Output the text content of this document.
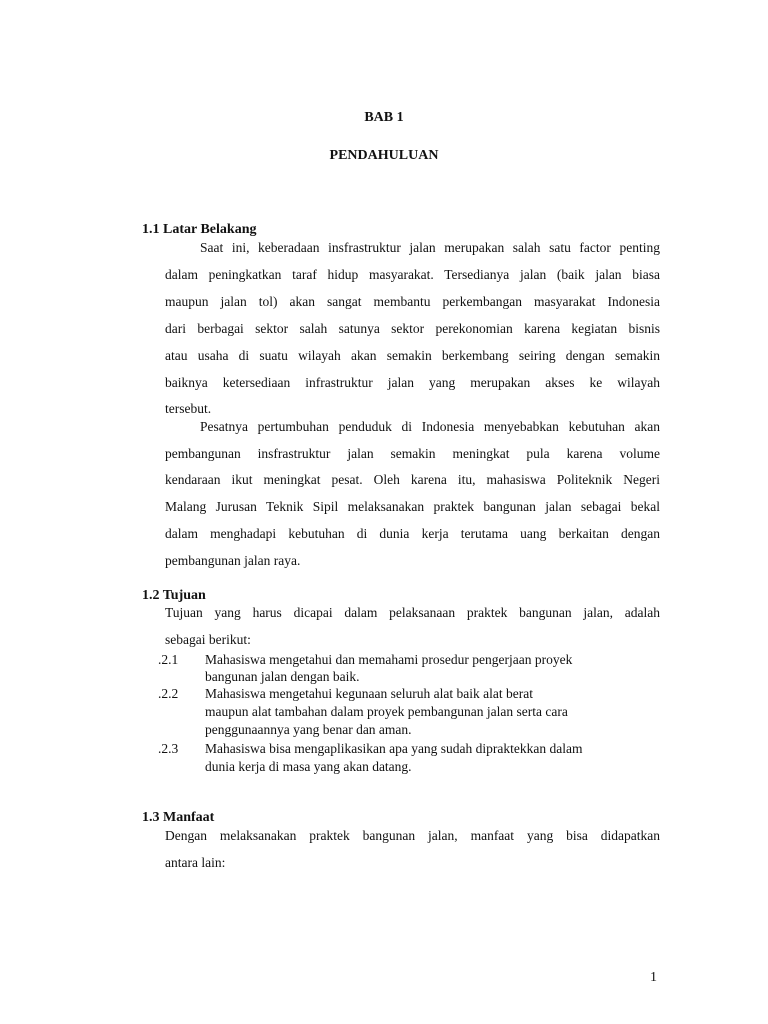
BAB 1
PENDAHULUAN
1.1 Latar Belakang
Saat ini, keberadaan insfrastruktur jalan merupakan salah satu factor penting
dalam peningkatkan taraf hidup masyarakat. Tersedianya jalan (baik jalan biasa
maupun jalan tol) akan sangat membantu perkembangan masyarakat Indonesia
dari berbagai sektor salah satunya sektor perekonomian karena kegiatan bisnis
atau usaha di suatu wilayah akan semakin berkembang seiring dengan semakin
baiknya ketersediaan infrastruktur jalan yang merupakan akses ke wilayah
tersebut.
Pesatnya pertumbuhan penduduk di Indonesia menyebabkan kebutuhan akan
pembangunan insfrastruktur jalan semakin meningkat pula karena volume
kendaraan ikut meningkat pesat. Oleh karena itu, mahasiswa Politeknik Negeri
Malang Jurusan Teknik Sipil melaksanakan praktek bangunan jalan sebagai bekal
dalam menghadapi kebutuhan di dunia kerja terutama uang berkaitan dengan
pembangunan jalan raya.
1.2 Tujuan
Tujuan yang harus dicapai dalam pelaksanaan praktek bangunan jalan, adalah
sebagai berikut:
.2.1 Mahasiswa mengetahui dan memahami prosedur pengerjaan proyek
bangunan jalan dengan baik.
.2.2 Mahasiswa mengetahui kegunaan seluruh alat baik alat berat
maupun alat tambahan dalam proyek pembangunan jalan serta cara
penggunaannya yang benar dan aman.
.2.3 Mahasiswa bisa mengaplikasikan apa yang sudah dipraktekkan dalam
dunia kerja di masa yang akan datang.
1.3 Manfaat
Dengan melaksanakan praktek bangunan jalan, manfaat yang bisa didapatkan
antara lain:
1
